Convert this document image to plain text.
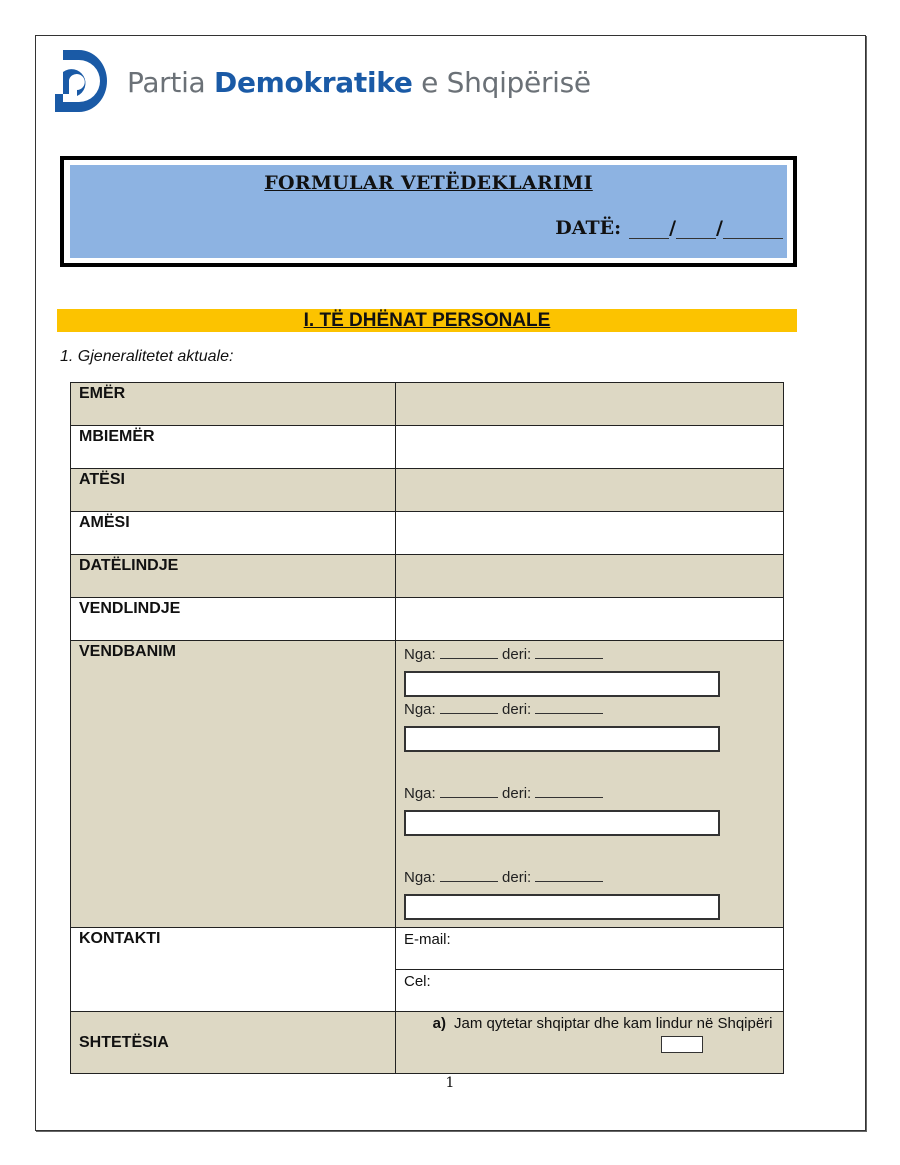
Partia Demokratike e Shqipërisë
FORMULAR VETËDEKLARIMI
DATË:	/ /
I. TË DHËNAT PERSONALE
1. Gjeneralitetet aktuale:
EMËR	
MBIEMËR	
ATËSI	
AMËSI	
DATËLINDJE	
VENDLINDJE	
VENDBANIM	Nga: deri:
Nga: deri:
Nga: deri:
Nga: deri:

KONTAKTI	E-mail:
	Cel:
SHTETËSIA	a) Jam qytetar shqiptar dhe kam lindur në Shqipëri
1
